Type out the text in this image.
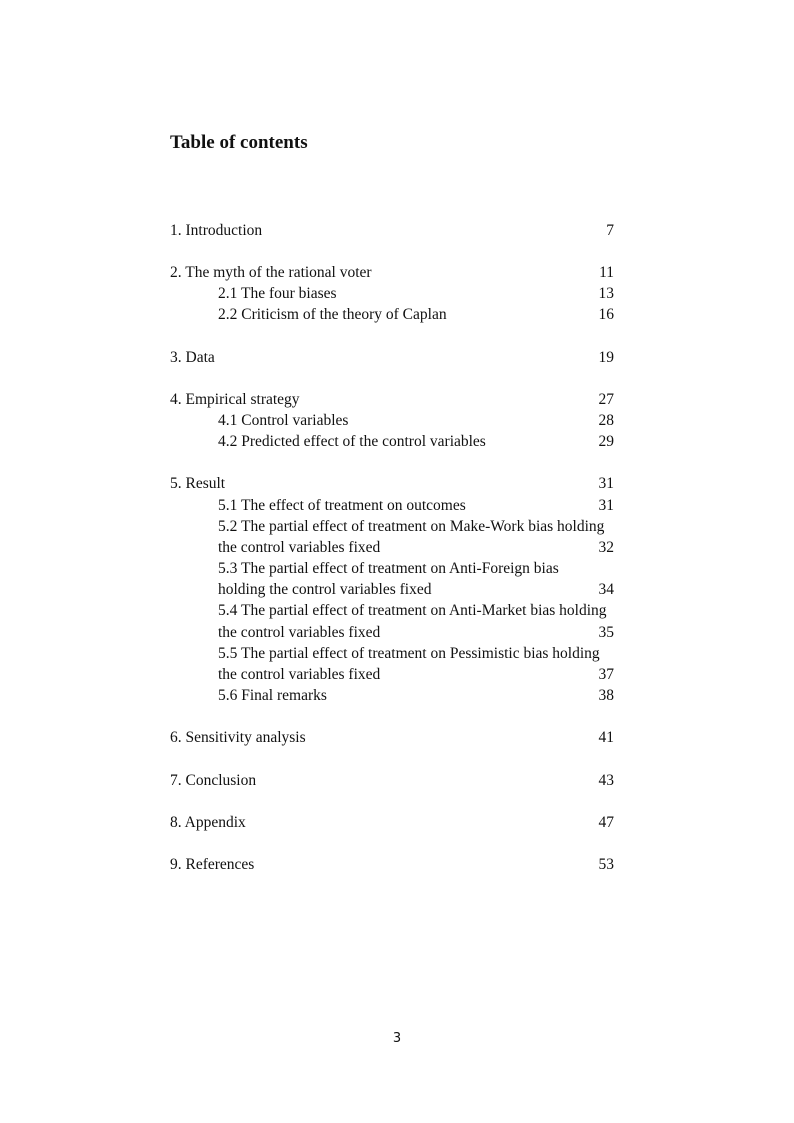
Table of contents
1. Introduction	7
2. The myth of the rational voter	11
2.1 The four biases	13
2.2 Criticism of the theory of Caplan	16
3. Data	19
4. Empirical strategy	27
4.1 Control variables	28
4.2 Predicted effect of the control variables	29
5. Result	31
5.1 The effect of treatment on outcomes	31
5.2 The partial effect of treatment on Make-Work bias holding
the control variables fixed	32
5.3 The partial effect of treatment on Anti-Foreign bias
holding the control variables fixed	34
5.4 The partial effect of treatment on Anti-Market bias holding
the control variables fixed	35
5.5 The partial effect of treatment on Pessimistic bias holding
the control variables fixed	37
5.6 Final remarks	38
6. Sensitivity analysis	41
7. Conclusion	43
8. Appendix	47
9. References	53
3
